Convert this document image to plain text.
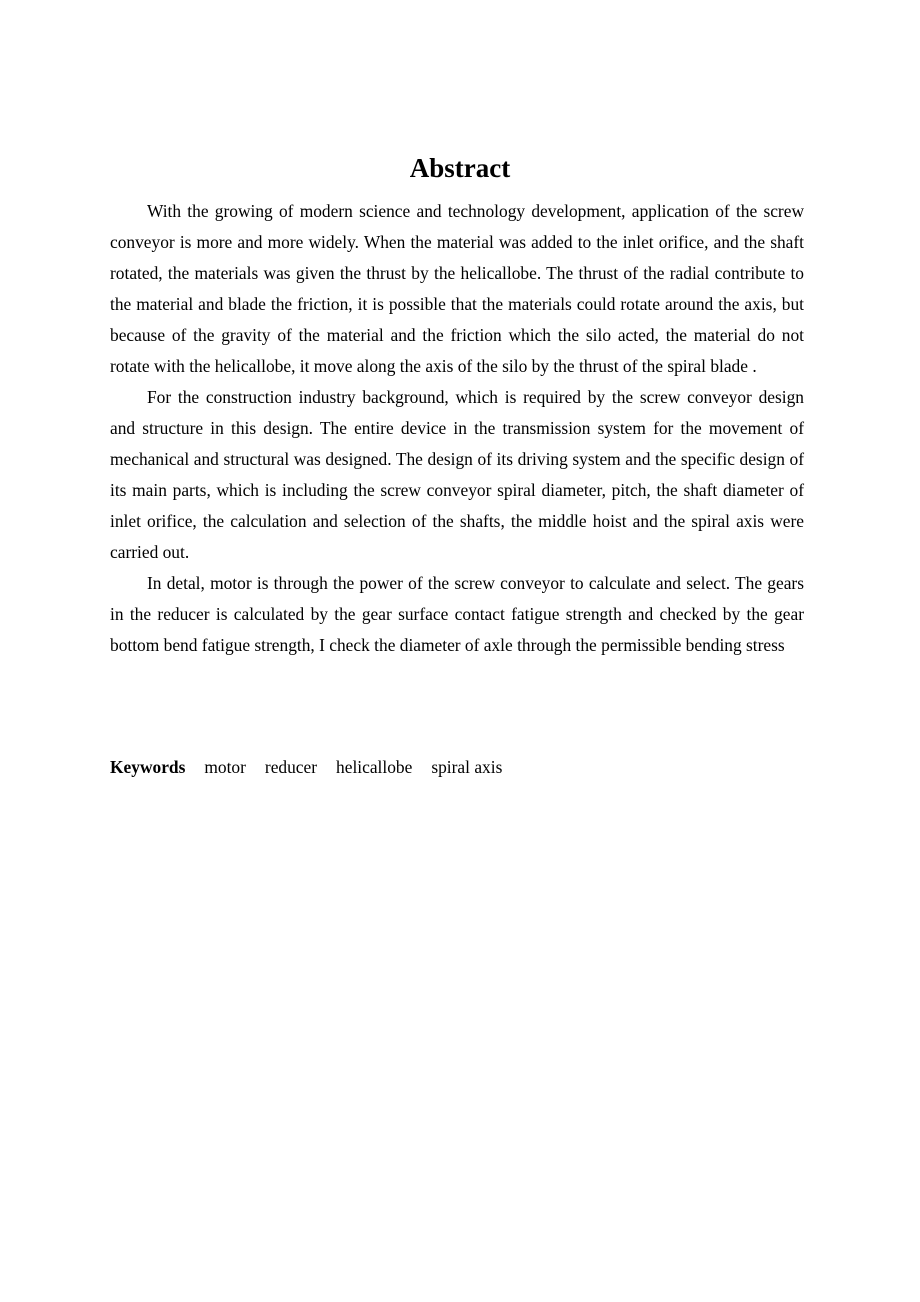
Abstract

With the growing of modern science and technology development, application of the screw conveyor is more and more widely. When the material was added to the inlet orifice, and the shaft rotated, the materials was given the thrust by the helicallobe. The thrust of the radial contribute to the material and blade the friction, it is possible that the materials could rotate around the axis, but because of the gravity of the material and the friction which the silo acted, the material do not rotate with the helicallobe, it move along the axis of the silo by the thrust of the spiral blade .

For the construction industry background, which is required by the screw conveyor design and structure in this design. The entire device in the transmission system for the movement of mechanical and structural was designed. The design of its driving system and the specific design of its main parts, which is including the screw conveyor spiral diameter, pitch, the shaft diameter of inlet orifice, the calculation and selection of the shafts, the middle hoist and the spiral axis were carried out.

In detal, motor is through the power of the screw conveyor to calculate and select. The gears in the reducer is calculated by the gear surface contact fatigue strength and checked by the gear bottom bend fatigue strength, I check the diameter of axle through the permissible bending stress

Keywords motor reducer helicallobe spiral axis
